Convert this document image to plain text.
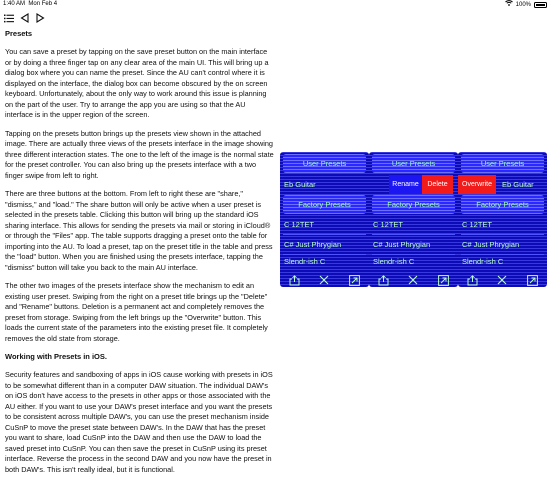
1:40 AM Mon Feb 4	100%
Presets

You can save a preset by tapping on the save preset button on the main interface or by doing a three finger tap on any clear area of the main UI. This will bring up a dialog box where you can name the preset. Since the AU can't control where it is displayed on the interface, the dialog box can become obscured by the on screen keyboard. Unfortunately, about the only way to work around this issue is planning on the part of the user. Try to arrange the app you are using so that the AU interface is in the upper region of the screen.

Tapping on the presets button brings up the presets view shown in the attached image. There are actually three views of the presets interface in the image showing three different interaction states. The one to the left of the image is the normal state for the preset controller. You can also bring up the presets interface with a two finger swipe from left to right.

There are three buttons at the bottom. From left to right these are "share," "dismiss," and "load." The share button will only be active when a user preset is selected in the presets table. Clicking this button will bring up the standard iOS sharing interface. This allows for sending the presets via mail or storing in iCloud® or through the "Files" app. The table supports dragging a preset onto the table for importing into the AU. To load a preset, tap on the preset title in the table and press the "load" button. When you are finished using the presets interface, tapping the "dismiss" button will take you back to the main AU interface.

The other two images of the presets interface show the mechanism to edit an existing user preset. Swiping from the right on a preset title brings up the "Delete" and "Rename" buttons. Deletion is a permanent act and completely removes the preset from storage. Swiping from the left brings up the "Overwrite" button. This loads the current state of the parameters into the existing preset file. It completely removes the old state from storage.

Working with Presets in iOS.

Security features and sandboxing of apps in iOS cause working with presets in iOS to be somewhat different than in a computer DAW situation. The individual DAW's on iOS don't have access to the presets in other apps or those associated with the AU either. If you want to use your DAW's preset interface and you want the presets to be consistent across multiple DAW's, you can use the preset mechanism inside CuSnP to move the preset state between DAW's. In the DAW that has the preset you want to share, load CuSnP into the DAW and then use the DAW to load the saved preset into CuSnP. You can then save the preset in CuSnP using its preset interface. Reverse the process in the second DAW and you now have the preset in both DAW's. This isn't really ideal, but it is functional.

User Presets
Eb Guitar
Factory Presets
C 12TET
C# Just Phrygian
Slendr-ish C
User Presets
Rename	Delete
Factory Presets
C 12TET
C# Just Phrygian
Slendr-ish C
User Presets
Overwrite	Eb Guitar
Factory Presets
C 12TET
C# Just Phrygian
Slendr-ish C
